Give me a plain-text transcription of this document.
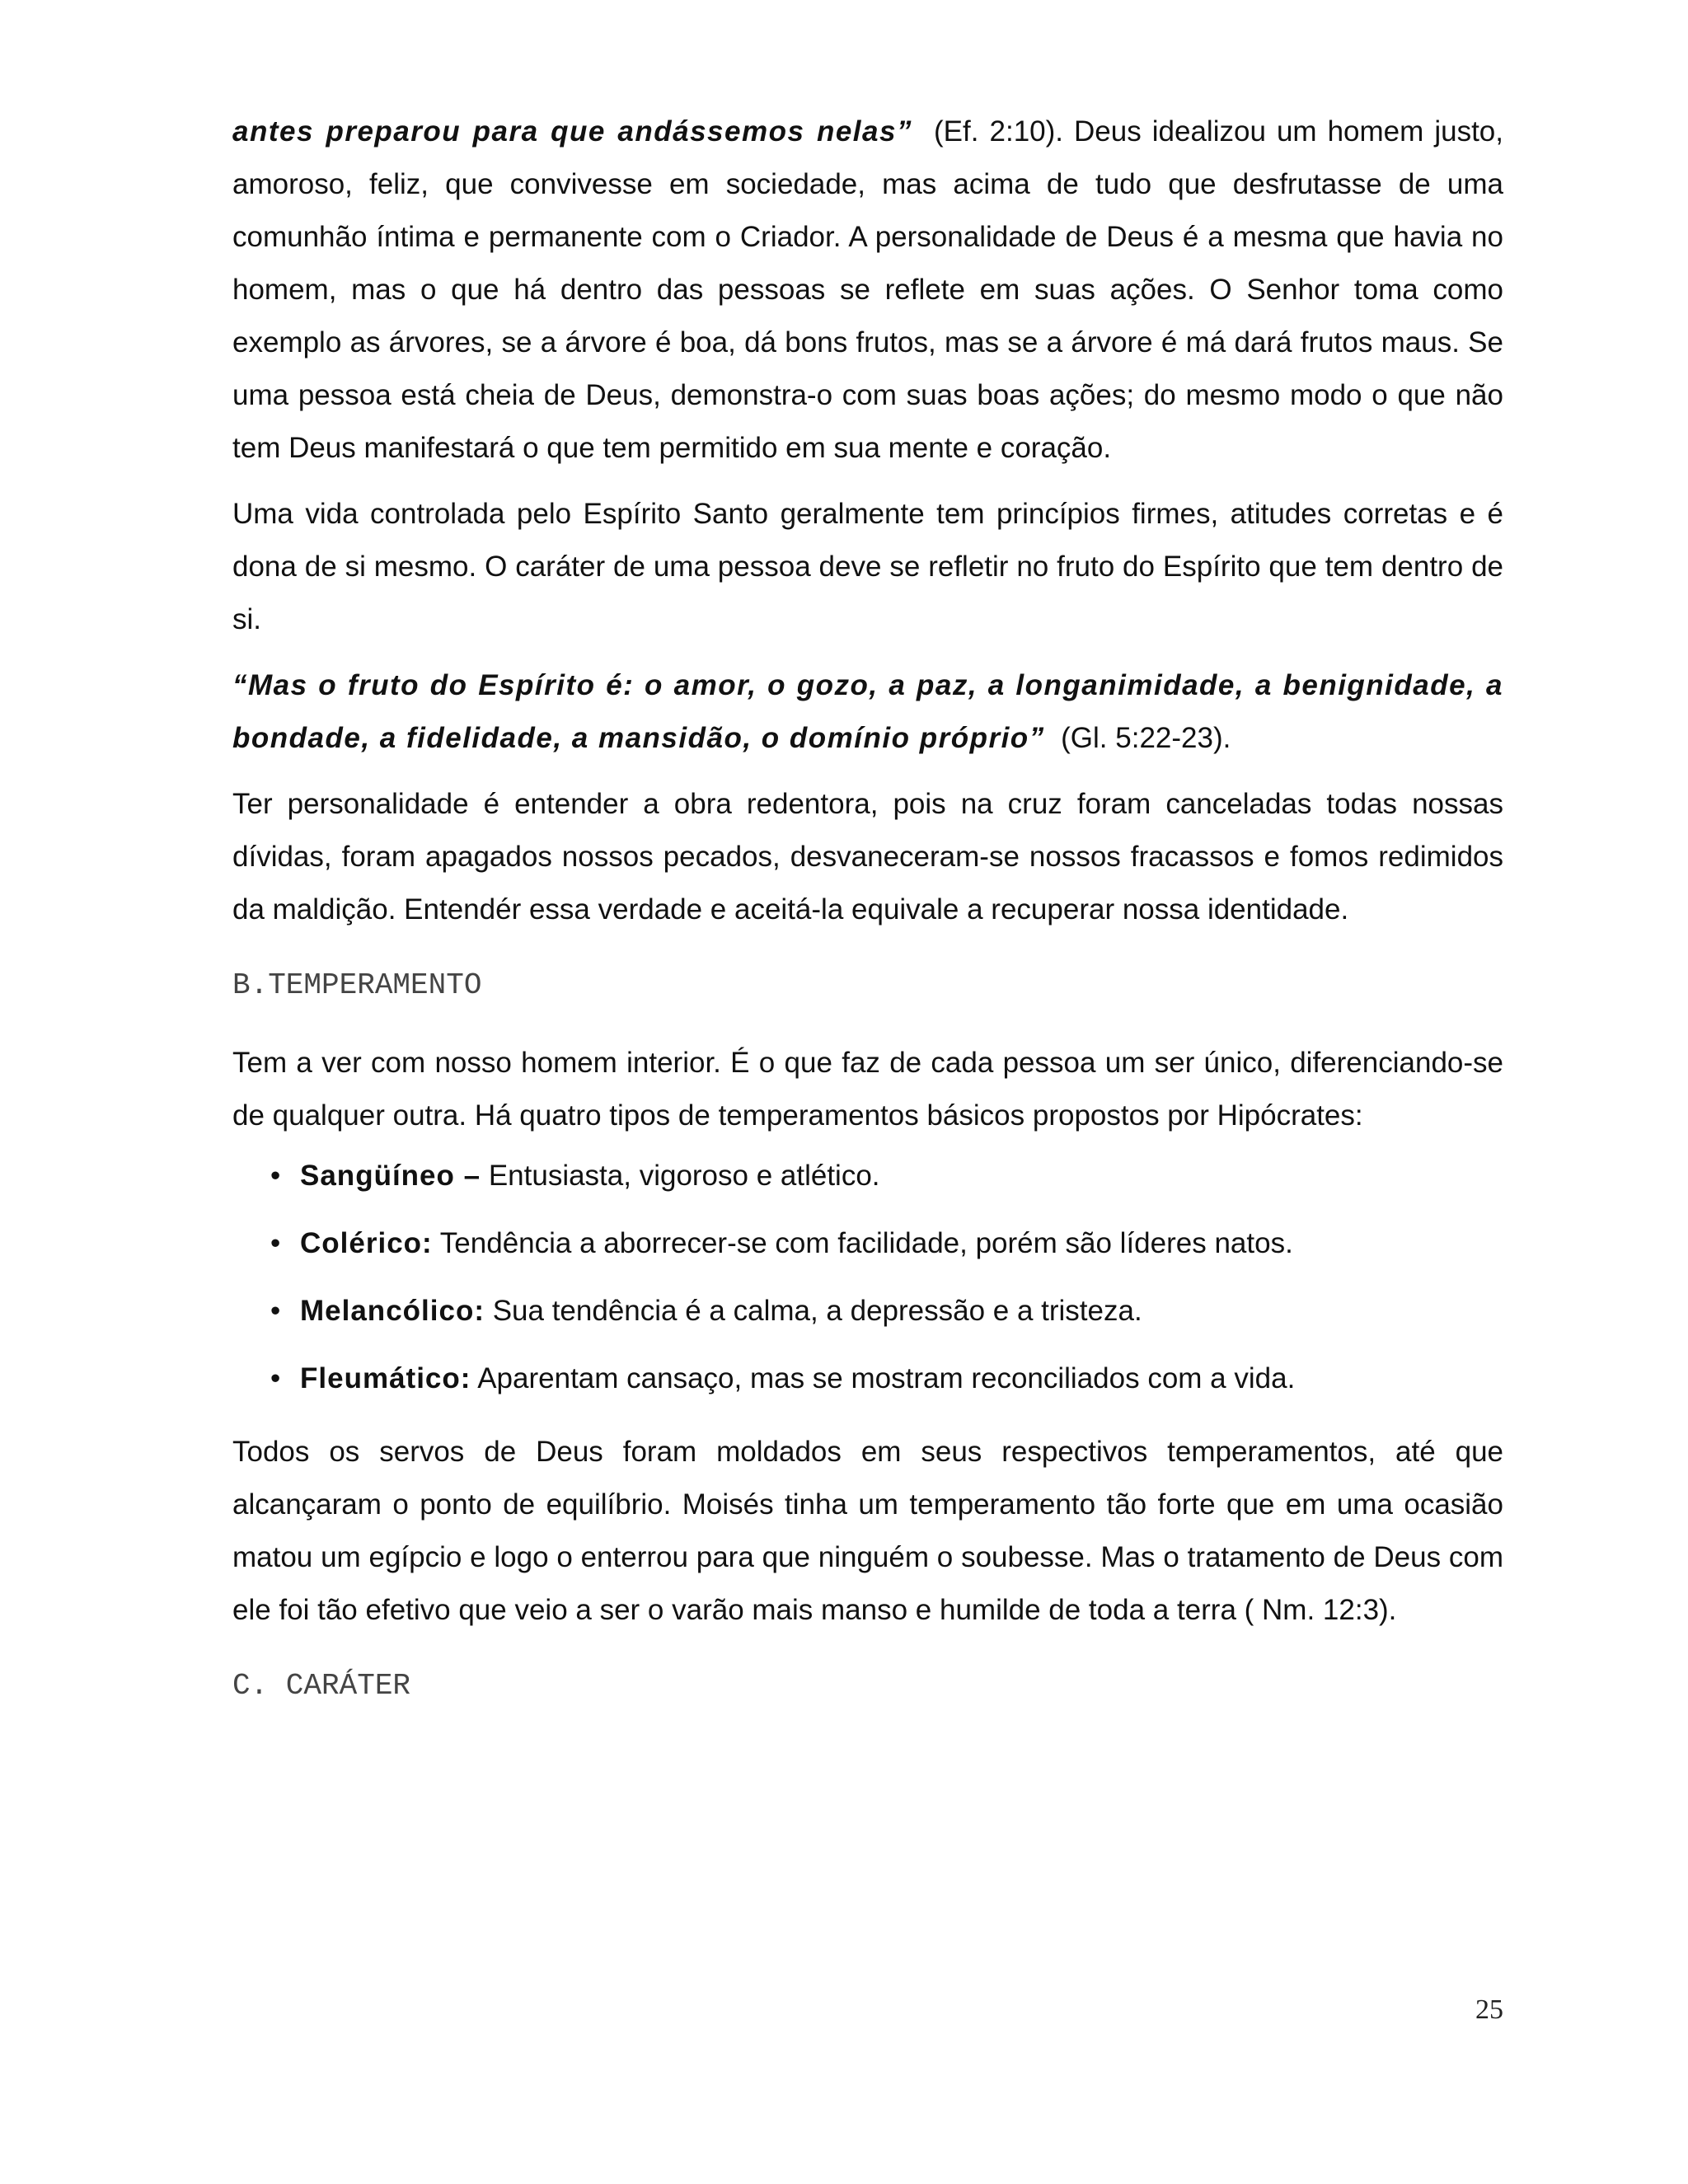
antes preparou para que andássemos nelas”  (Ef. 2:10). Deus idealizou um homem justo, amoroso, feliz, que convivesse em sociedade, mas acima de tudo que desfrutasse de uma comunhão íntima e permanente com o Criador. A personalidade de Deus é a mesma que havia no homem, mas o que há dentro das pessoas se reflete em suas ações. O Senhor toma como exemplo as árvores, se a árvore é boa, dá bons frutos, mas se a árvore é má dará frutos maus. Se uma pessoa está cheia de Deus, demonstra-o com suas boas ações; do mesmo modo o que não tem Deus manifestará o que tem permitido em sua mente e coração.

Uma vida controlada pelo Espírito Santo geralmente tem princípios firmes, atitudes corretas e é dona de si mesmo. O caráter de uma pessoa deve se refletir no fruto do Espírito que tem dentro de si.

“Mas o fruto do Espírito é: o amor, o gozo, a paz, a longanimidade, a benignidade, a bondade, a fidelidade, a mansidão, o domínio próprio”  (Gl. 5:22-23).

Ter personalidade é entender a obra redentora, pois na cruz foram canceladas todas nossas dívidas, foram apagados nossos pecados, desvaneceram-se nossos fracassos e fomos redimidos da maldição. Entendér essa verdade e aceitá-la equivale a recuperar nossa identidade.

B.TEMPERAMENTO

Tem a ver com nosso homem interior. É o que faz de cada pessoa um ser único, diferenciando-se de qualquer outra. Há quatro tipos de temperamentos básicos propostos por Hipócrates:

• Sangüíneo – Entusiasta, vigoroso e atlético.
• Colérico: Tendência a aborrecer-se com facilidade, porém são líderes natos.
• Melancólico: Sua tendência é a calma, a depressão e a tristeza.
• Fleumático: Aparentam cansaço, mas se mostram reconciliados com a vida.

Todos os servos de Deus foram moldados em seus respectivos temperamentos, até que alcançaram o ponto de equilíbrio. Moisés tinha um temperamento tão forte que em uma ocasião matou um egípcio e logo o enterrou para que ninguém o soubesse. Mas o tratamento de Deus com ele foi tão efetivo que veio a ser o varão mais manso e humilde de toda a terra ( Nm. 12:3).

C. CARÁTER
25
